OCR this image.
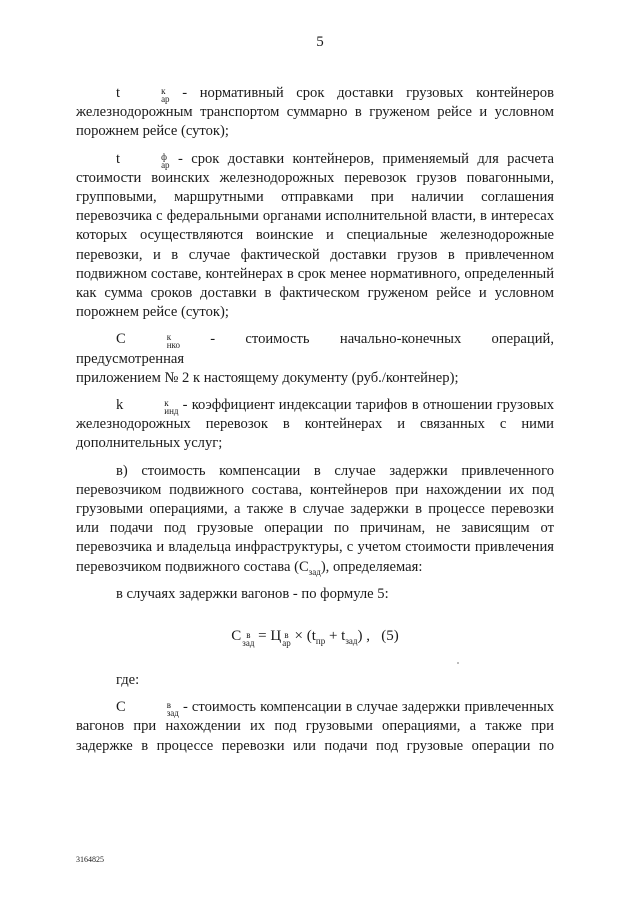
5

t	к
ар - нормативный срок доставки грузовых контейнеров

железнодорожным транспортом суммарно в груженом рейсе и условном порожнем рейсе (суток);

t	ф
ар - срок доставки контейнеров, применяемый для расчета

стоимости воинских железнодорожных перевозок грузов повагонными, групповыми, маршрутными отправками при наличии соглашения перевозчика с федеральными органами исполнительной власти, в интересах которых осуществляются воинские и специальные железнодорожные перевозки, и в случае фактической доставки грузов в привлеченном подвижном составе, контейнерах в срок менее нормативного, определенный как сумма сроков доставки в фактическом груженом рейсе и условном порожнем рейсе (суток);

С	к
нко - стоимость начально-конечных операций, предусмотренная

приложением № 2 к настоящему документу (руб./контейнер);

k	к
инд - коэффициент индексации тарифов в отношении грузовых

железнодорожных перевозок в контейнерах и связанных с ними дополнительных услуг;

в) стоимость компенсации в случае задержки привлеченного

перевозчиком подвижного состава, контейнеров при нахождении их под грузовыми операциями, а также в случае задержки в процессе перевозки или подачи под грузовые операции по причинам, не зависящим от перевозчика и владельца инфраструктуры, с учетом стоимости привлечения перевозчиком подвижного состава $(С_{зад})$, определяемая:

в случаях задержки вагонов - по формуле 5:

С в
зад = Ц в
ар × $(t_{пр} + t_{зад})$ , (5)

где:

С	в
зад - стоимость компенсации в случае задержки привлеченных

вагонов при нахождении их под грузовыми операциями, а также при задержке в процессе перевозки или подачи под грузовые операции по

3164825
